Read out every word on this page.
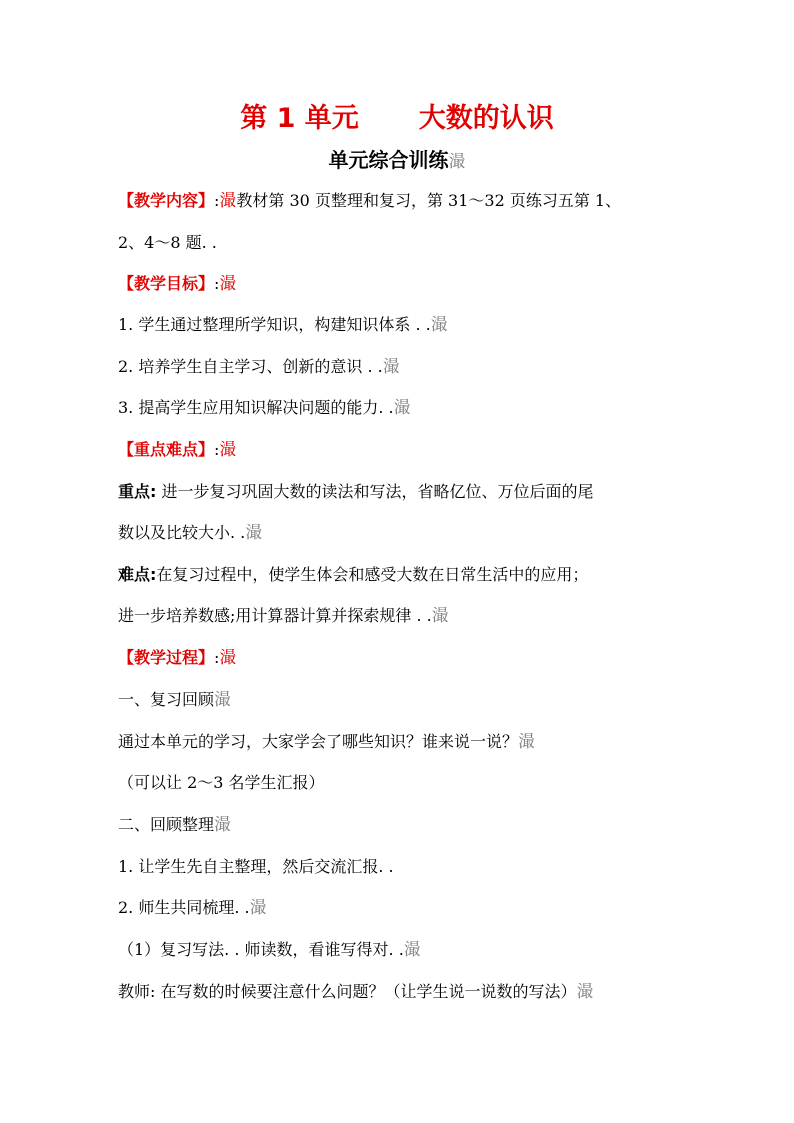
第 1 单元 大数的认识
单元综合训练㵊
【教学内容】:㵊教材第 30 页整理和复习，第 31～32 页练习五第 1、
2、4～8 题. .
【教学目标】:㵊
1. 学生通过整理所学知识，构建知识体系 . .㵊
2. 培养学生自主学习、创新的意识 . .㵊
3. 提高学生应用知识解决问题的能力. .㵊
【重点难点】:㵊
重点: 进一步复习巩固大数的读法和写法，省略亿位、万位后面的尾
数以及比较大小. .㵊
难点:在复习过程中，使学生体会和感受大数在日常生活中的应用；
进一步培养数感;用计算器计算并探索规律 . .㵊
【教学过程】:㵊
一、复习回顾㵊
通过本单元的学习，大家学会了哪些知识？谁来说一说？㵊
（可以让 2～3 名学生汇报）
二、回顾整理㵊
1. 让学生先自主整理，然后交流汇报. .
2. 师生共同梳理. .㵊
（1）复习写法. . 师读数，看谁写得对. .㵊
教师: 在写数的时候要注意什么问题？（让学生说一说数的写法）㵊
